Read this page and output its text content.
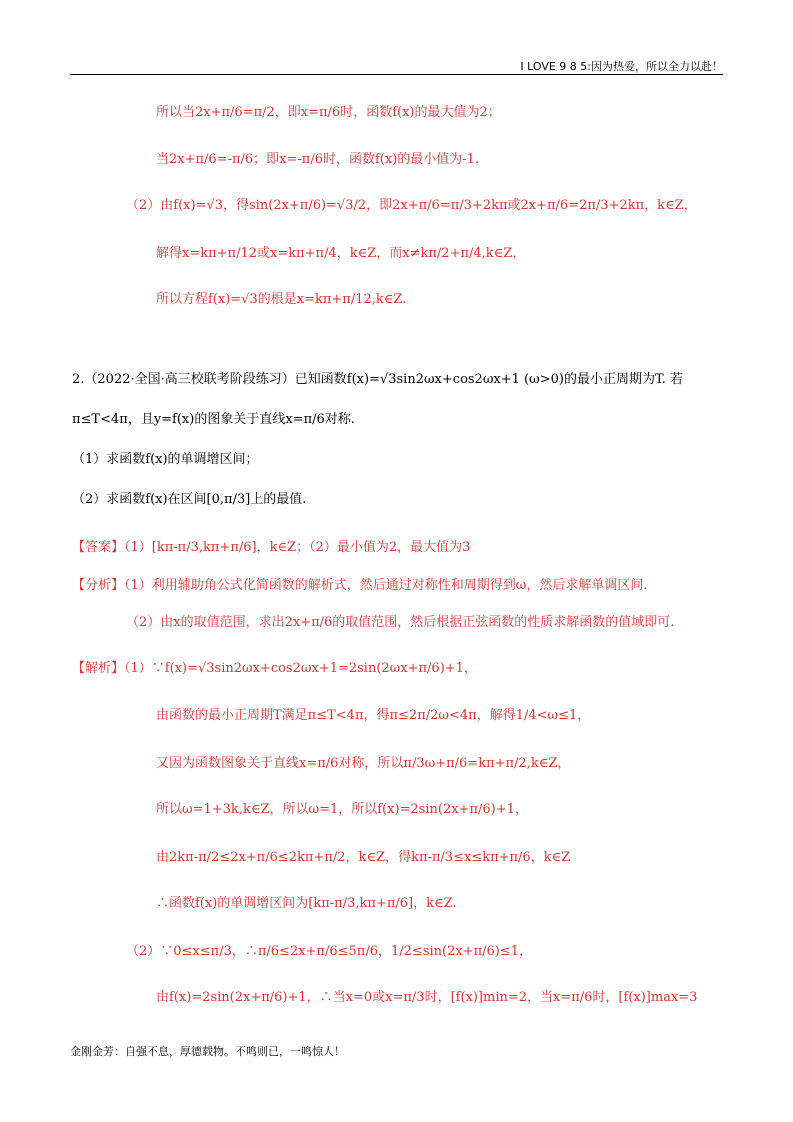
I LOVE 9 8 5:因为热爱，所以全力以赴！
所以当2x+π/6=π/2，即x=π/6时，函数f(x)的最大值为2；
当2x+π/6=-π/6；即x=-π/6时，函数f(x)的最小值为-1.
（2）由f(x)=√3，得sin(2x+π/6)=√3/2，即2x+π/6=π/3+2kπ或2x+π/6=2π/3+2kπ，k∈Z，
解得x=kπ+π/12或x=kπ+π/4，k∈Z，而x≠kπ/2+π/4,k∈Z，
所以方程f(x)=√3的根是x=kπ+π/12,k∈Z.
2.（2022·全国·高三校联考阶段练习）已知函数f(x)=√3sin2ωx+cos2ωx+1 (ω>0)的最小正周期为T. 若
π≤T<4π，且y=f(x)的图象关于直线x=π/6对称.
（1）求函数f(x)的单调增区间；
（2）求函数f(x)在区间[0,π/3]上的最值.
【答案】（1）[kπ-π/3,kπ+π/6]，k∈Z；（2）最小值为2，最大值为3
【分析】（1）利用辅助角公式化简函数的解析式，然后通过对称性和周期得到ω，然后求解单调区间.
（2）由x的取值范围，求出2x+π/6的取值范围，然后根据正弦函数的性质求解函数的值域即可.
【解析】（1）∵f(x)=√3sin2ωx+cos2ωx+1=2sin(2ωx+π/6)+1，
由函数的最小正周期T满足π≤T<4π，得π≤2π/2ω<4π，解得1/4<ω≤1，
又因为函数图象关于直线x=π/6对称，所以π/3ω+π/6=kπ+π/2,k∈Z，
所以ω=1+3k,k∈Z，所以ω=1，所以f(x)=2sin(2x+π/6)+1，
由2kπ-π/2≤2x+π/6≤2kπ+π/2，k∈Z，得kπ-π/3≤x≤kπ+π/6，k∈Z
∴函数f(x)的单调增区间为[kπ-π/3,kπ+π/6]，k∈Z.
（2）∵0≤x≤π/3，∴π/6≤2x+π/6≤5π/6，1/2≤sin(2x+π/6)≤1，
由f(x)=2sin(2x+π/6)+1，∴当x=0或x=π/3时，[f(x)]min=2，当x=π/6时，[f(x)]max=3
金刚金芳：自强不息，厚德载物。不鸣则已，一鸣惊人！
